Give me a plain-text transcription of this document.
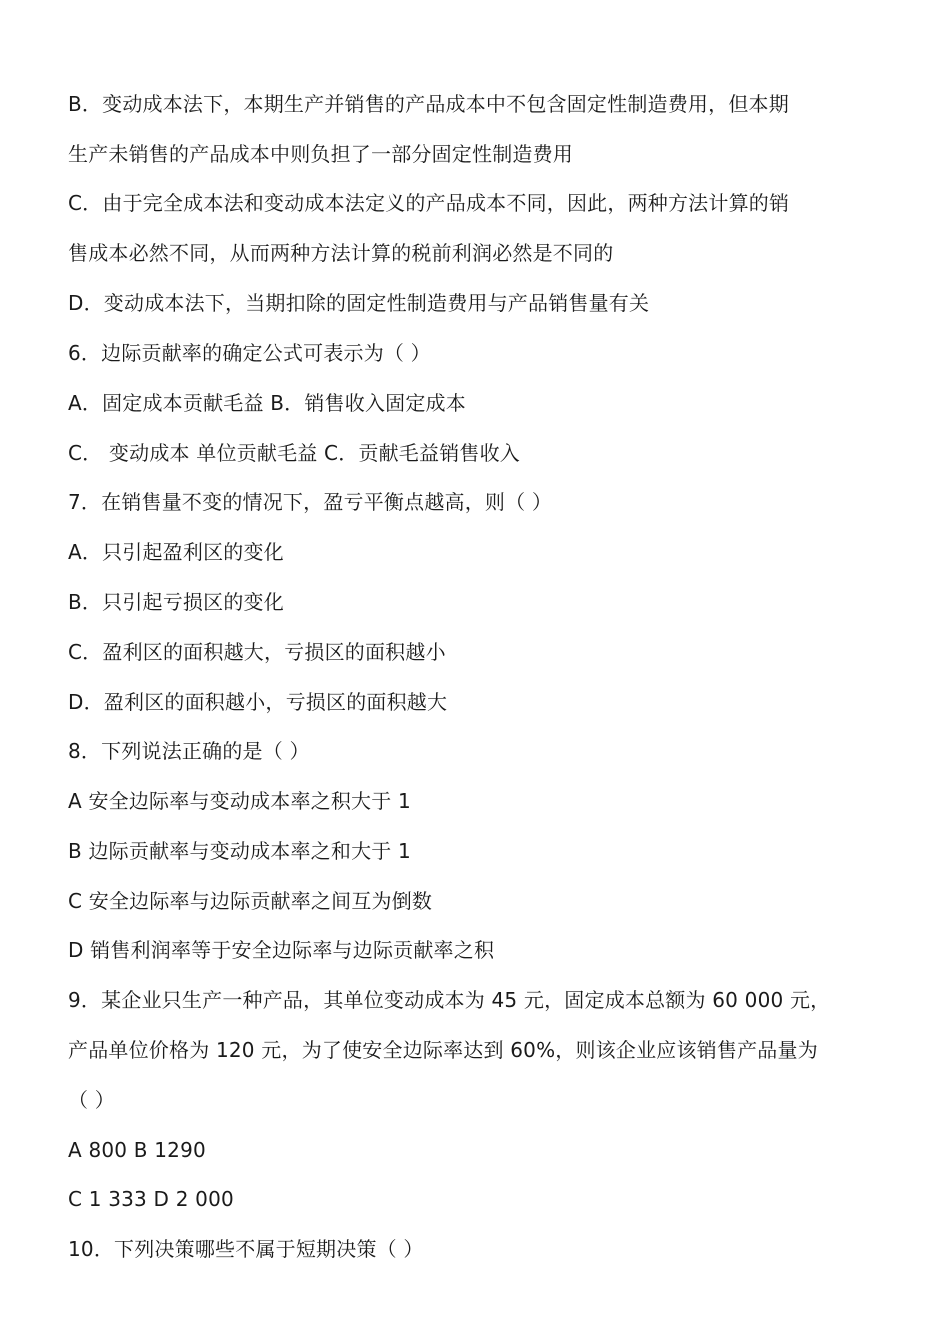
B．变动成本法下，本期生产并销售的产品成本中不包含固定性制造费用，但本期
生产未销售的产品成本中则负担了一部分固定性制造费用
C．由于完全成本法和变动成本法定义的产品成本不同，因此，两种方法计算的销
售成本必然不同，从而两种方法计算的税前利润必然是不同的
D．变动成本法下，当期扣除的固定性制造费用与产品销售量有关
6．边际贡献率的确定公式可表示为（ ）
A．固定成本贡献毛益 B．销售收入固定成本
C． 变动成本 单位贡献毛益 C．贡献毛益销售收入
7．在销售量不变的情况下，盈亏平衡点越高，则（ ）
A．只引起盈利区的变化
B．只引起亏损区的变化
C．盈利区的面积越大，亏损区的面积越小
D．盈利区的面积越小，亏损区的面积越大
8．下列说法正确的是（ ）
A 安全边际率与变动成本率之积大于 1
B 边际贡献率与变动成本率之和大于 1
C 安全边际率与边际贡献率之间互为倒数
D 销售利润率等于安全边际率与边际贡献率之积
9．某企业只生产一种产品，其单位变动成本为 45 元，固定成本总额为 60 000 元，
产品单位价格为 120 元，为了使安全边际率达到 60%，则该企业应该销售产品量为
（ ）
A 800 B 1290
C 1 333 D 2 000
10．下列决策哪些不属于短期决策（ ）
